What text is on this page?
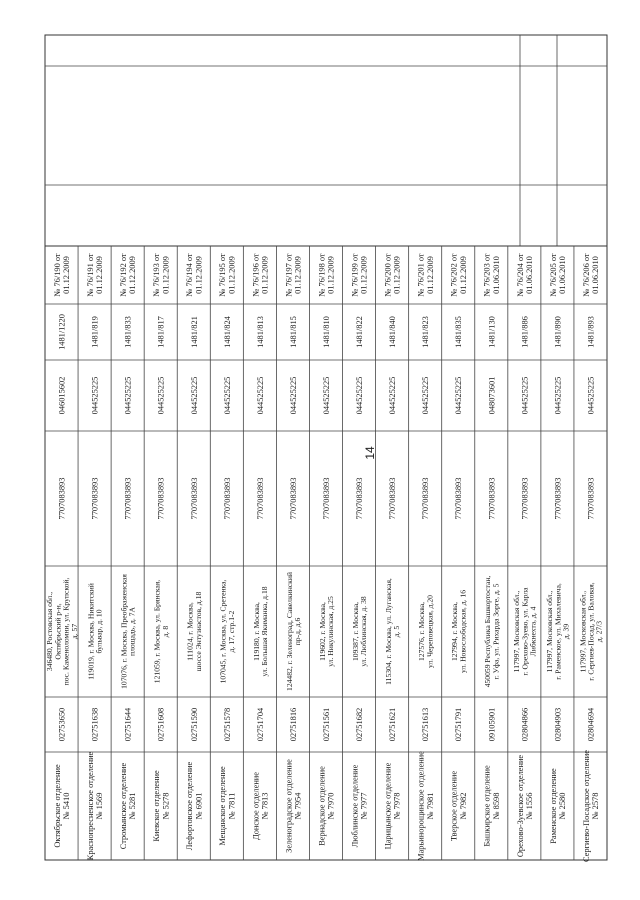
14
Октябрьское отделение№ 5410
02753650
346480, Ростовская обл.,Октябрьский р-н,пос. Каменоломни, ул. Крупской,д. 57
7707083893
046015602
1481/1220
№ 76/190 от01.12.2009
Краснопресненское отделение№ 1569
02751638
119019, г. Москва, Никитскийбульвар, д. 10
7707083893
044525225
1481/819
№ 76/191 от01.12.2009
Стромынское отделение№ 5281
02751644
107076, г. Москва, Преображенскаяплощадь, д. 7А
7707083893
044525225
1481/833
№ 76/192 от01.12.2009
Киевское отделение№ 5278
02751608
121059, г. Москва, ул. Брянская,д. 8
7707083893
044525225
1481/817
№ 76/193 от01.12.2009
Лефортовское отделение№ 6901
02751590
111024, г. Москва,шоссе Энтузиастов, д.18
7707083893
044525225
1481/821
№ 76/194 от01.12.2009
Мещанское отделение№ 7811
02751578
107045, г. Москва, ул. Сретенка,д. 17, стр.1-2
7707083893
044525225
1481/824
№ 76/195 от01.12.2009
Донское отделение№ 7813
02751704
119180, г. Москва,ул. Большая Якиманка, д.18
7707083893
044525225
1481/813
№ 76/196 от01.12.2009
Зеленоградское отделение№ 7954
02751816
124482, г. Зеленоград, Савелкинскийпр-д, д.6
7707083893
044525225
1481/815
№ 76/197 от01.12.2009
Вернадское отделение№ 7970
02751561
119602, г. Москва,ул. Никулинская, д.25
7707083893
044525225
1481/810
№ 76/198 от01.12.2009
Люблинское отделение№ 7977
02751682
109387, г. Москва,ул. Люблинская, д. 38
7707083893
044525225
1481/822
№ 76/199 от01.12.2009
Царицынское отделение№ 7978
02751621
115304, г. Москва, ул. Луганская,д. 5
7707083893
044525225
1481/840
№ 76/200 от01.12.2009
Марьинорощинское отделение№ 7981
02751613
127576, г. Москва,ул. Череповецкая, д.20
7707083893
044525225
1481/823
№ 76/201 от01.12.2009
Тверское отделение№ 7982
02751791
127994, г. Москва,ул. Новослободская, д. 16
7707083893
044525225
1481/835
№ 76/202 от01.12.2009
Башкирское отделение№ 8598
09105901
450059 Республика Башкортостан,г. Уфа, ул. Рихарда Зорге, д. 5
7707083893
048073601
1481/130
№ 76/203 от01.06.2010
Орехово-Зуевское отделение№ 1556
02804866
117997, Московская обл.,г. Орехово-Зуево, ул. КарлаЛибкнехта, д. 4
7707083893
044525225
1481/886
№ 76/204 от01.06.2010
Раменское отделение№ 2580
02804903
117997, Московская обл.,г. Раменское, ул. Михалевича,д. 39
7707083893
044525225
1481/890
№ 76/205 от01.06.2010
Сергиево-Посадское отделение№ 2578
02804694
117997, Московская обл.,г. Сергиев-Посад, ул. Валовая,д. 27/3
7707083893
044525225
1481/893
№ 76/206 от01.06.2010
